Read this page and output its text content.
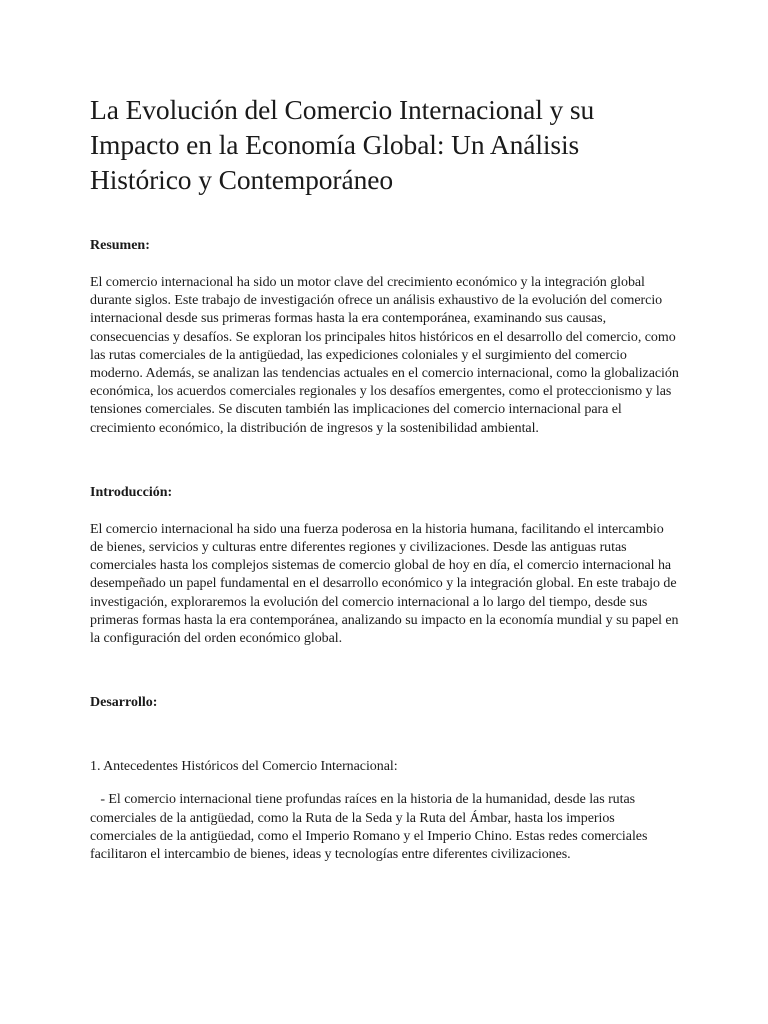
La Evolución del Comercio Internacional y su Impacto en la Economía Global: Un Análisis Histórico y Contemporáneo

Resumen:

El comercio internacional ha sido un motor clave del crecimiento económico y la integración global durante siglos. Este trabajo de investigación ofrece un análisis exhaustivo de la evolución del comercio internacional desde sus primeras formas hasta la era contemporánea, examinando sus causas, consecuencias y desafíos. Se exploran los principales hitos históricos en el desarrollo del comercio, como las rutas comerciales de la antigüedad, las expediciones coloniales y el surgimiento del comercio moderno. Además, se analizan las tendencias actuales en el comercio internacional, como la globalización económica, los acuerdos comerciales regionales y los desafíos emergentes, como el proteccionismo y las tensiones comerciales. Se discuten también las implicaciones del comercio internacional para el crecimiento económico, la distribución de ingresos y la sostenibilidad ambiental.

Introducción:

El comercio internacional ha sido una fuerza poderosa en la historia humana, facilitando el intercambio de bienes, servicios y culturas entre diferentes regiones y civilizaciones. Desde las antiguas rutas comerciales hasta los complejos sistemas de comercio global de hoy en día, el comercio internacional ha desempeñado un papel fundamental en el desarrollo económico y la integración global. En este trabajo de investigación, exploraremos la evolución del comercio internacional a lo largo del tiempo, desde sus primeras formas hasta la era contemporánea, analizando su impacto en la economía mundial y su papel en la configuración del orden económico global.

Desarrollo:

1. Antecedentes Históricos del Comercio Internacional:

- El comercio internacional tiene profundas raíces en la historia de la humanidad, desde las rutas comerciales de la antigüedad, como la Ruta de la Seda y la Ruta del Ámbar, hasta los imperios comerciales de la antigüedad, como el Imperio Romano y el Imperio Chino. Estas redes comerciales facilitaron el intercambio de bienes, ideas y tecnologías entre diferentes civilizaciones.
